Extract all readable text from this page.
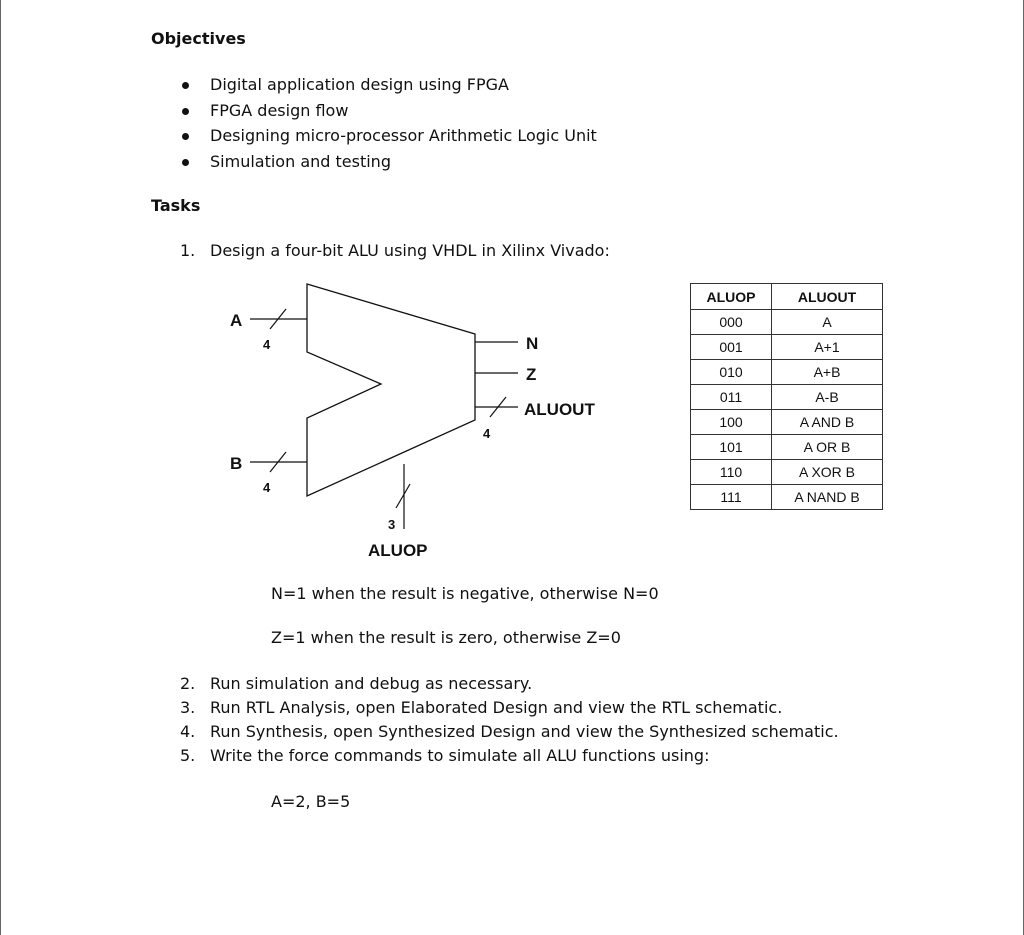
Objectives
Digital application design using FPGA
FPGA design flow
Designing micro-processor Arithmetic Logic Unit
Simulation and testing
Tasks

1. Design a four-bit ALU using VHDL in Xilinx Vivado:

A
4
B
4
N
Z
ALUOUT
4
3
ALUOP
ALUOP	ALUOUT
000	A
001	A+1
010	A+B
011	A-B
100	A AND B
101	A OR B
110	A XOR B
111	A NAND B

N=1 when the result is negative, otherwise N=0

Z=1 when the result is zero, otherwise Z=0

2. Run simulation and debug as necessary.

3. Run RTL Analysis, open Elaborated Design and view the RTL schematic.

4. Run Synthesis, open Synthesized Design and view the Synthesized schematic.

5. Write the force commands to simulate all ALU functions using:

A=2, B=5
